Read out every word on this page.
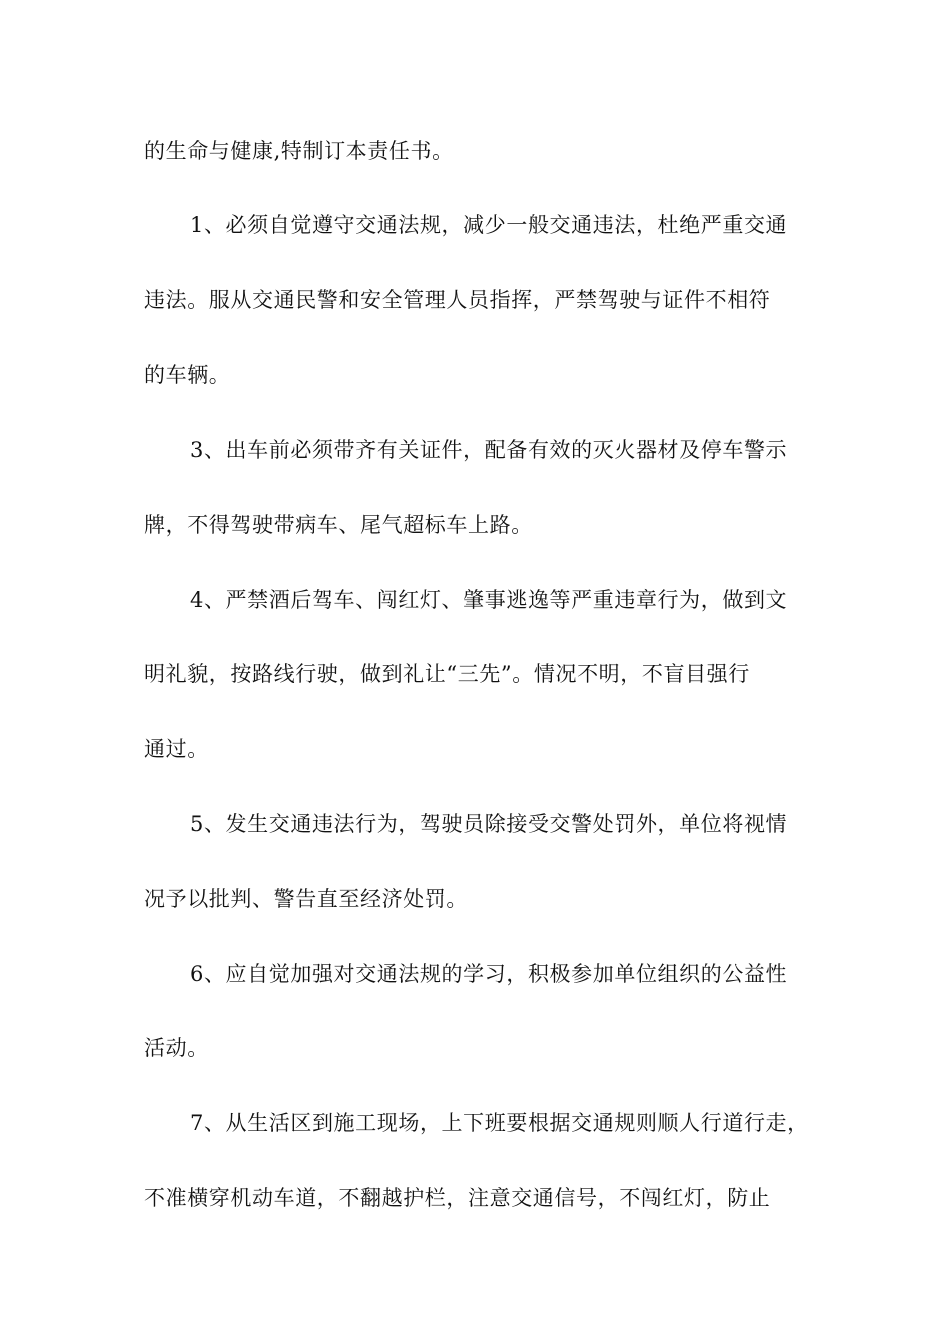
的生命与健康,特制订本责任书。
1、必须自觉遵守交通法规，减少一般交通违法，杜绝严重交通
违法。服从交通民警和安全管理人员指挥，严禁驾驶与证件不相符
的车辆。
3、出车前必须带齐有关证件，配备有效的灭火器材及停车警示
牌，不得驾驶带病车、尾气超标车上路。
4、严禁酒后驾车、闯红灯、肇事逃逸等严重违章行为，做到文
明礼貌，按路线行驶，做到礼让“三先”。情况不明，不盲目强行
通过。
5、发生交通违法行为，驾驶员除接受交警处罚外，单位将视情
况予以批判、警告直至经济处罚。
6、应自觉加强对交通法规的学习，积极参加单位组织的公益性
活动。
7、从生活区到施工现场，上下班要根据交通规则顺人行道行走，
不准横穿机动车道，不翻越护栏，注意交通信号，不闯红灯，防止
